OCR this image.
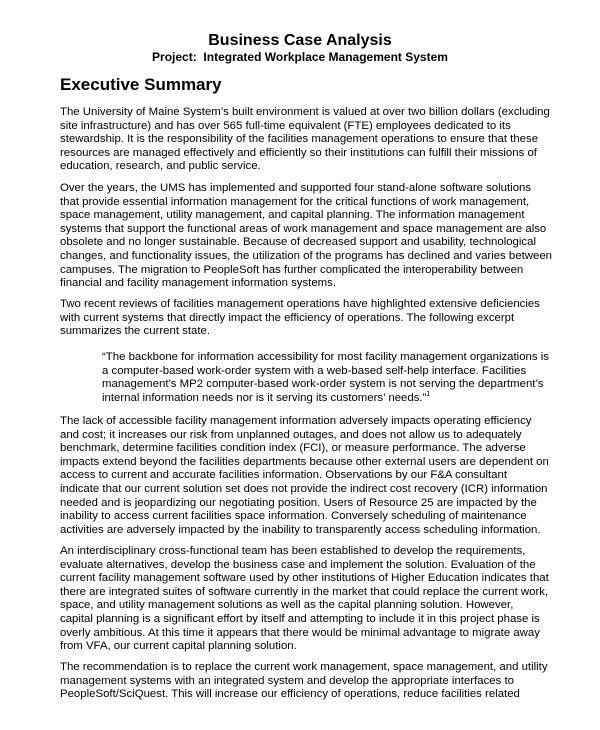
Business Case Analysis
Project: Integrated Workplace Management System
Executive Summary
The University of Maine System’s built environment is valued at over two billion dollars (excluding
site infrastructure) and has over 565 full-time equivalent (FTE) employees dedicated to its
stewardship. It is the responsibility of the facilities management operations to ensure that these
resources are managed effectively and efficiently so their institutions can fulfill their missions of
education, research, and public service.
Over the years, the UMS has implemented and supported four stand-alone software solutions
that provide essential information management for the critical functions of work management,
space management, utility management, and capital planning. The information management
systems that support the functional areas of work management and space management are also
obsolete and no longer sustainable. Because of decreased support and usability, technological
changes, and functionality issues, the utilization of the programs has declined and varies between
campuses. The migration to PeopleSoft has further complicated the interoperability between
financial and facility management information systems.
Two recent reviews of facilities management operations have highlighted extensive deficiencies
with current systems that directly impact the efficiency of operations. The following excerpt
summarizes the current state.
“The backbone for information accessibility for most facility management organizations is
a computer-based work-order system with a web-based self-help interface. Facilities
management’s MP2 computer-based work-order system is not serving the department’s
internal information needs nor is it serving its customers’ needs.”$^1$
The lack of accessible facility management information adversely impacts operating efficiency
and cost; it increases our risk from unplanned outages, and does not allow us to adequately
benchmark, determine facilities condition index (FCI), or measure performance. The adverse
impacts extend beyond the facilities departments because other external users are dependent on
access to current and accurate facilities information. Observations by our F&A consultant
indicate that our current solution set does not provide the indirect cost recovery (ICR) information
needed and is jeopardizing our negotiating position. Users of Resource 25 are impacted by the
inability to access current facilities space information. Conversely scheduling of maintenance
activities are adversely impacted by the inability to transparently access scheduling information.
An interdisciplinary cross-functional team has been established to develop the requirements,
evaluate alternatives, develop the business case and implement the solution. Evaluation of the
current facility management software used by other institutions of Higher Education indicates that
there are integrated suites of software currently in the market that could replace the current work,
space, and utility management solutions as well as the capital planning solution. However,
capital planning is a significant effort by itself and attempting to include it in this project phase is
overly ambitious. At this time it appears that there would be minimal advantage to migrate away
from VFA, our current capital planning solution.
The recommendation is to replace the current work management, space management, and utility
management systems with an integrated system and develop the appropriate interfaces to
PeopleSoft/SciQuest. This will increase our efficiency of operations, reduce facilities related
